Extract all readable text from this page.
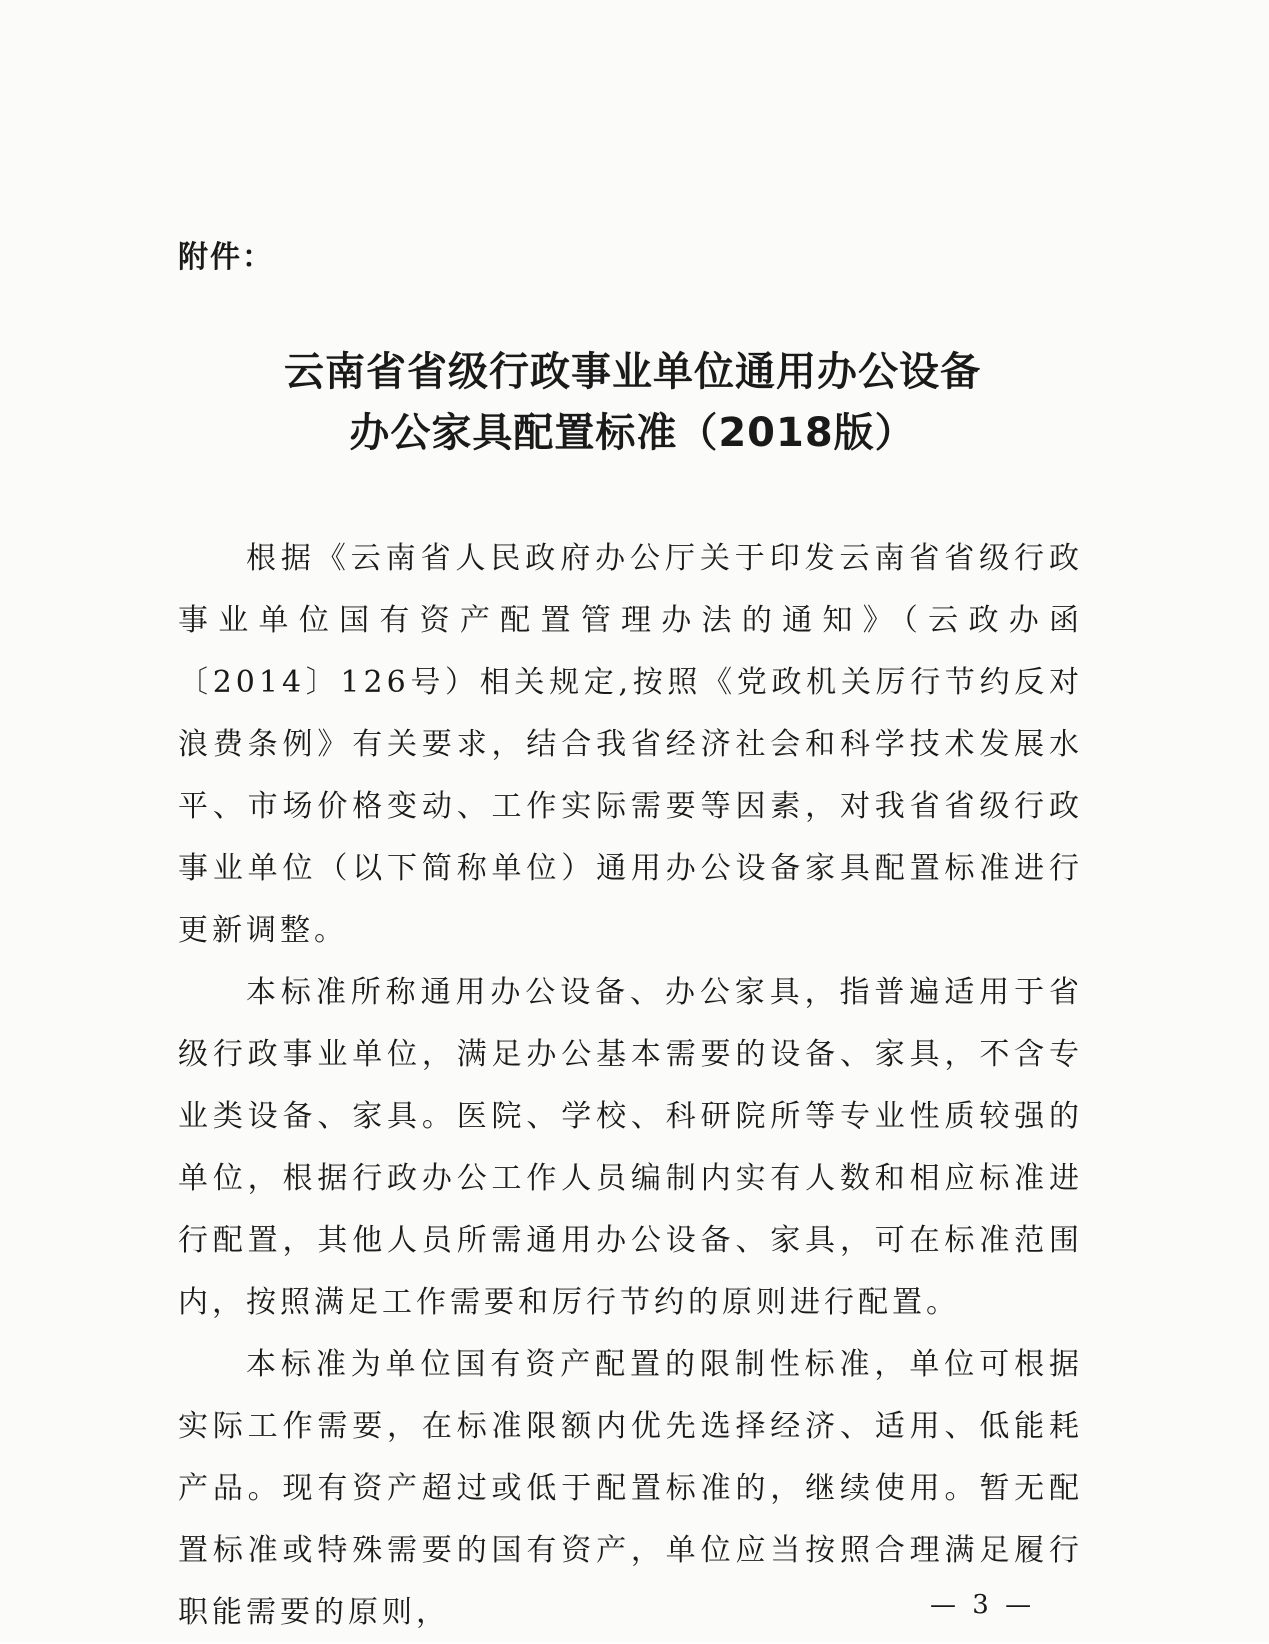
附件：
云南省省级行政事业单位通用办公设备
办公家具配置标准（2018版）

根据《云南省人民政府办公厅关于印发云南省省级行政事业单位国有资产配置管理办法的通知》（云政办函〔2014〕126号）相关规定,按照《党政机关厉行节约反对浪费条例》有关要求，结合我省经济社会和科学技术发展水平、市场价格变动、工作实际需要等因素，对我省省级行政事业单位（以下简称单位）通用办公设备家具配置标准进行更新调整。

本标准所称通用办公设备、办公家具，指普遍适用于省级行政事业单位，满足办公基本需要的设备、家具，不含专业类设备、家具。医院、学校、科研院所等专业性质较强的单位，根据行政办公工作人员编制内实有人数和相应标准进行配置，其他人员所需通用办公设备、家具，可在标准范围内，按照满足工作需要和厉行节约的原则进行配置。

本标准为单位国有资产配置的限制性标准，单位可根据实际工作需要，在标准限额内优先选择经济、适用、低能耗产品。现有资产超过或低于配置标准的，继续使用。暂无配置标准或特殊需要的国有资产，单位应当按照合理满足履行职能需要的原则，	— 3 —
